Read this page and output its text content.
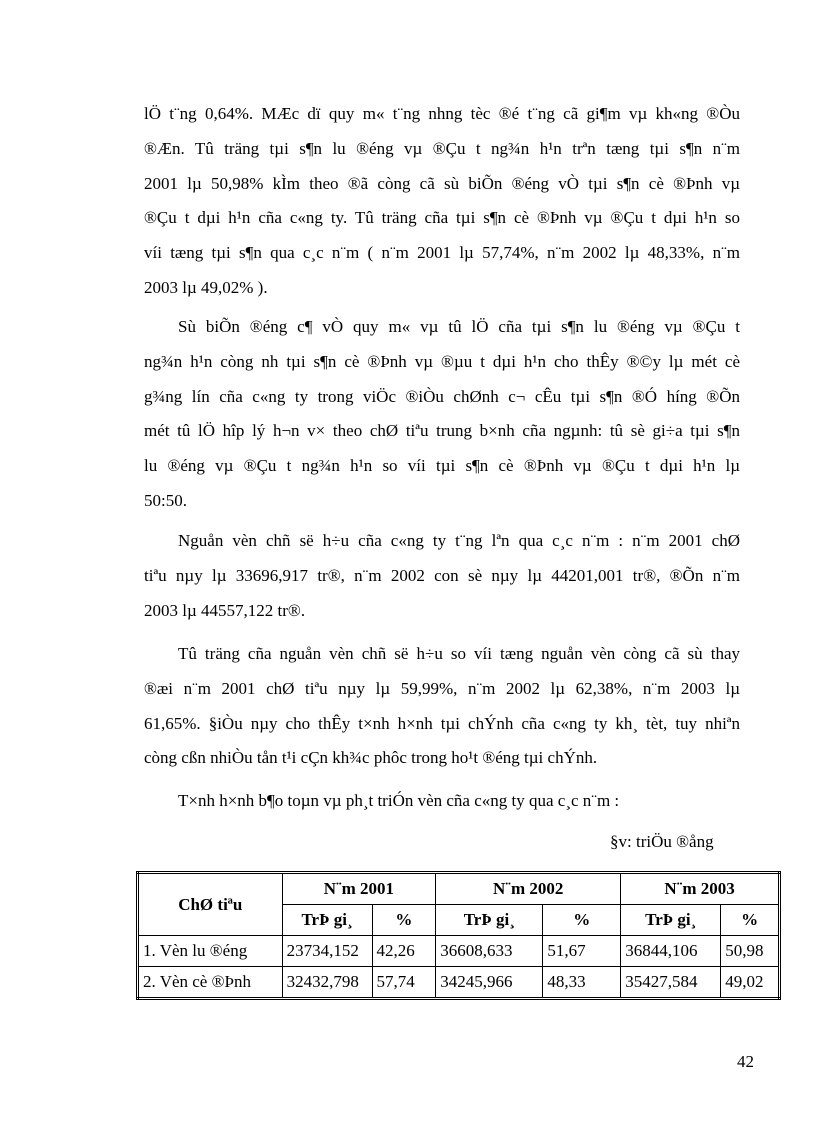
lÖ t¨ng 0,64%. MÆc dï quy m« t¨ng nhng tèc ®é t¨ng cã gi¶m vµ kh«ng ®Òu
®Æn. Tû träng tµi s¶n lu ®éng vµ ®Çu t ng¾n h¹n trªn tæng tµi s¶n n¨m
2001 lµ 50,98% kÌm theo ®ã còng cã sù biÕn ®éng vÒ tµi s¶n cè ®Þnh vµ
®Çu t dµi h¹n cña c«ng ty. Tû träng cña tµi s¶n cè ®Þnh vµ ®Çu t dµi h¹n so
víi tæng tµi s¶n qua c¸c n¨m ( n¨m 2001 lµ 57,74%, n¨m 2002 lµ 48,33%, n¨m
2003 lµ 49,02% ).
Sù biÕn ®éng c¶ vÒ quy m« vµ tû lÖ cña tµi s¶n lu ®éng vµ ®Çu t
ng¾n h¹n còng nh tµi s¶n cè ®Þnh vµ ®µu t dµi h¹n cho thÊy ®©y lµ mét cè
g¾ng lín cña c«ng ty trong viÖc ®iÒu chØnh c¬ cÊu tµi s¶n ®Ó híng ®Õn
mét tû lÖ hîp lý h¬n v× theo chØ tiªu trung b×nh cña ngµnh: tû sè gi÷a tµi s¶n
lu ®éng vµ ®Çu t ng¾n h¹n so víi tµi s¶n cè ®Þnh vµ ®Çu t dµi h¹n lµ
50:50.
Nguån vèn chñ së h÷u cña c«ng ty t¨ng lªn qua c¸c n¨m : n¨m 2001 chØ
tiªu nµy lµ 33696,917 tr®, n¨m 2002 con sè nµy lµ 44201,001 tr®, ®Õn n¨m
2003 lµ 44557,122 tr®.
Tû träng cña nguån vèn chñ së h÷u so víi tæng nguån vèn còng cã sù thay
®æi n¨m 2001 chØ tiªu nµy lµ 59,99%, n¨m 2002 lµ 62,38%, n¨m 2003 lµ
61,65%. §iÒu nµy cho thÊy t×nh h×nh tµi chÝnh cña c«ng ty kh¸ tèt, tuy nhiªn
còng cßn nhiÒu tån t¹i cÇn kh¾c phôc trong ho¹t ®éng tµi chÝnh.
T×nh h×nh b¶o toµn vµ ph¸t triÓn vèn cña c«ng ty qua c¸c n¨m :
§v: triÖu ®ång
ChØ tiªu	N¨m 2001		N¨m 2002		N¨m 2003	
	TrÞ gi¸	%	TrÞ gi¸	%	TrÞ gi¸	%
1. Vèn lu ®éng	23734,152	42,26	36608,633	51,67	36844,106	50,98
2. Vèn cè ®Þnh	32432,798	57,74	34245,966	48,33	35427,584	49,02
42
